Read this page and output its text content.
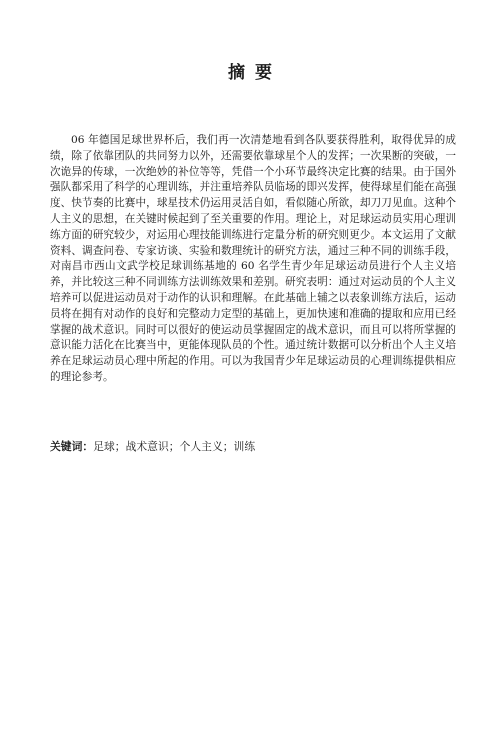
摘要

06 年德国足球世界杯后，我们再一次清楚地看到各队要获得胜利，取得优异的成绩，除了依靠团队的共同努力以外，还需要依靠球星个人的发挥；一次果断的突破，一次诡异的传球，一次绝妙的补位等等，凭借一个小环节最终决定比赛的结果。由于国外强队都采用了科学的心理训练，并注重培养队员临场的即兴发挥，使得球星们能在高强度、快节奏的比赛中，球星技术仍运用灵活自如，看似随心所欲，却刀刀见血。这种个人主义的思想，在关键时候起到了至关重要的作用。理论上，对足球运动员实用心理训练方面的研究较少，对运用心理技能训练进行定量分析的研究则更少。本文运用了文献资料、调查问卷、专家访谈、实验和数理统计的研究方法，通过三种不同的训练手段，对南昌市西山文武学校足球训练基地的 60 名学生青少年足球运动员进行个人主义培养，并比较这三种不同训练方法训练效果和差别。研究表明：通过对运动员的个人主义培养可以促进运动员对于动作的认识和理解。在此基础上辅之以表象训练方法后，运动员将在拥有对动作的良好和完整动力定型的基础上，更加快速和准确的提取和应用已经掌握的战术意识。同时可以很好的使运动员掌握固定的战术意识，而且可以将所掌握的意识能力活化在比赛当中，更能体现队员的个性。通过统计数据可以分析出个人主义培养在足球运动员心理中所起的作用。可以为我国青少年足球运动员的心理训练提供相应的理论参考。

关键词：足球；战术意识；个人主义；训练
